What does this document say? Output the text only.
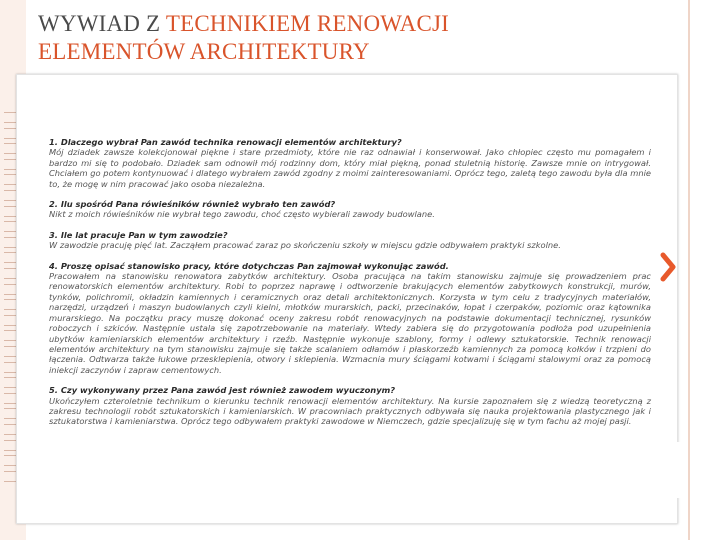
WYWIAD Z TECHNIKIEM RENOWACJI
ELEMENTÓW ARCHITEKTURY
1. Dlaczego wybrał Pan zawód technika renowacji elementów architektury?
Mój dziadek zawsze kolekcjonował piękne i stare przedmioty, które nie raz odnawiał i konserwował. Jako chłopiec często mu pomagałem i bardzo mi się to podobało. Dziadek sam odnowił mój rodzinny dom, który miał piękną, ponad stuletnią historię. Zawsze mnie on intrygował. Chciałem go potem kontynuować i dlatego wybrałem zawód zgodny z moimi zainteresowaniami. Oprócz tego, zaletą tego zawodu była dla mnie to, że mogę w nim pracować jako osoba niezależna.
2. Ilu spośród Pana rówieśników również wybrało ten zawód?
Nikt z moich rówieśników nie wybrał tego zawodu, choć często wybierali zawody budowlane.
3. Ile lat pracuje Pan w tym zawodzie?
W zawodzie pracuję pięć lat. Zacząłem pracować zaraz po skończeniu szkoły w miejscu gdzie odbywałem praktyki szkolne.
4. Proszę opisać stanowisko pracy, które dotychczas Pan zajmował wykonując zawód.
Pracowałem na stanowisku renowatora zabytków architektury. Osoba pracująca na takim stanowisku zajmuje się prowadzeniem prac renowatorskich elementów architektury. Robi to poprzez naprawę i odtworzenie brakujących elementów zabytkowych konstrukcji, murów, tynków, polichromii, okładzin kamiennych i ceramicznych oraz detali architektonicznych. Korzysta w tym celu z tradycyjnych materiałów, narzędzi, urządzeń i maszyn budowlanych czyli kielni, młotków murarskich, packi, przecinaków, łopat i czerpaków, poziomic oraz kątownika murarskiego. Na początku pracy muszę dokonać oceny zakresu robót renowacyjnych na podstawie dokumentacji technicznej, rysunków roboczych i szkiców. Następnie ustala się zapotrzebowanie na materiały. Wtedy zabiera się do przygotowania podłoża pod uzupełnienia ubytków kamieniarskich elementów architektury i rzeźb. Następnie wykonuje szablony, formy i odlewy sztukatorskie. Technik renowacji elementów architektury na tym stanowisku zajmuje się także scalaniem odłamów i płaskorzeźb kamiennych za pomocą kołków i trzpieni do łączenia. Odtwarza także łukowe przesklepienia, otwory i sklepienia. Wzmacnia mury ściągami kotwami i ściągami stalowymi oraz za pomocą iniekcji zaczynów i zapraw cementowych.
5. Czy wykonywany przez Pana zawód jest również zawodem wyuczonym?
Ukończyłem czteroletnie technikum o kierunku technik renowacji elementów architektury. Na kursie zapoznałem się z wiedzą teoretyczną z zakresu technologii robót sztukatorskich i kamieniarskich. W pracowniach praktycznych odbywała się nauka projektowania plastycznego jak i sztukatorstwa i kamieniarstwa. Oprócz tego odbywałem praktyki zawodowe w Niemczech, gdzie specjalizuję się w tym fachu aż mojej pasji.
